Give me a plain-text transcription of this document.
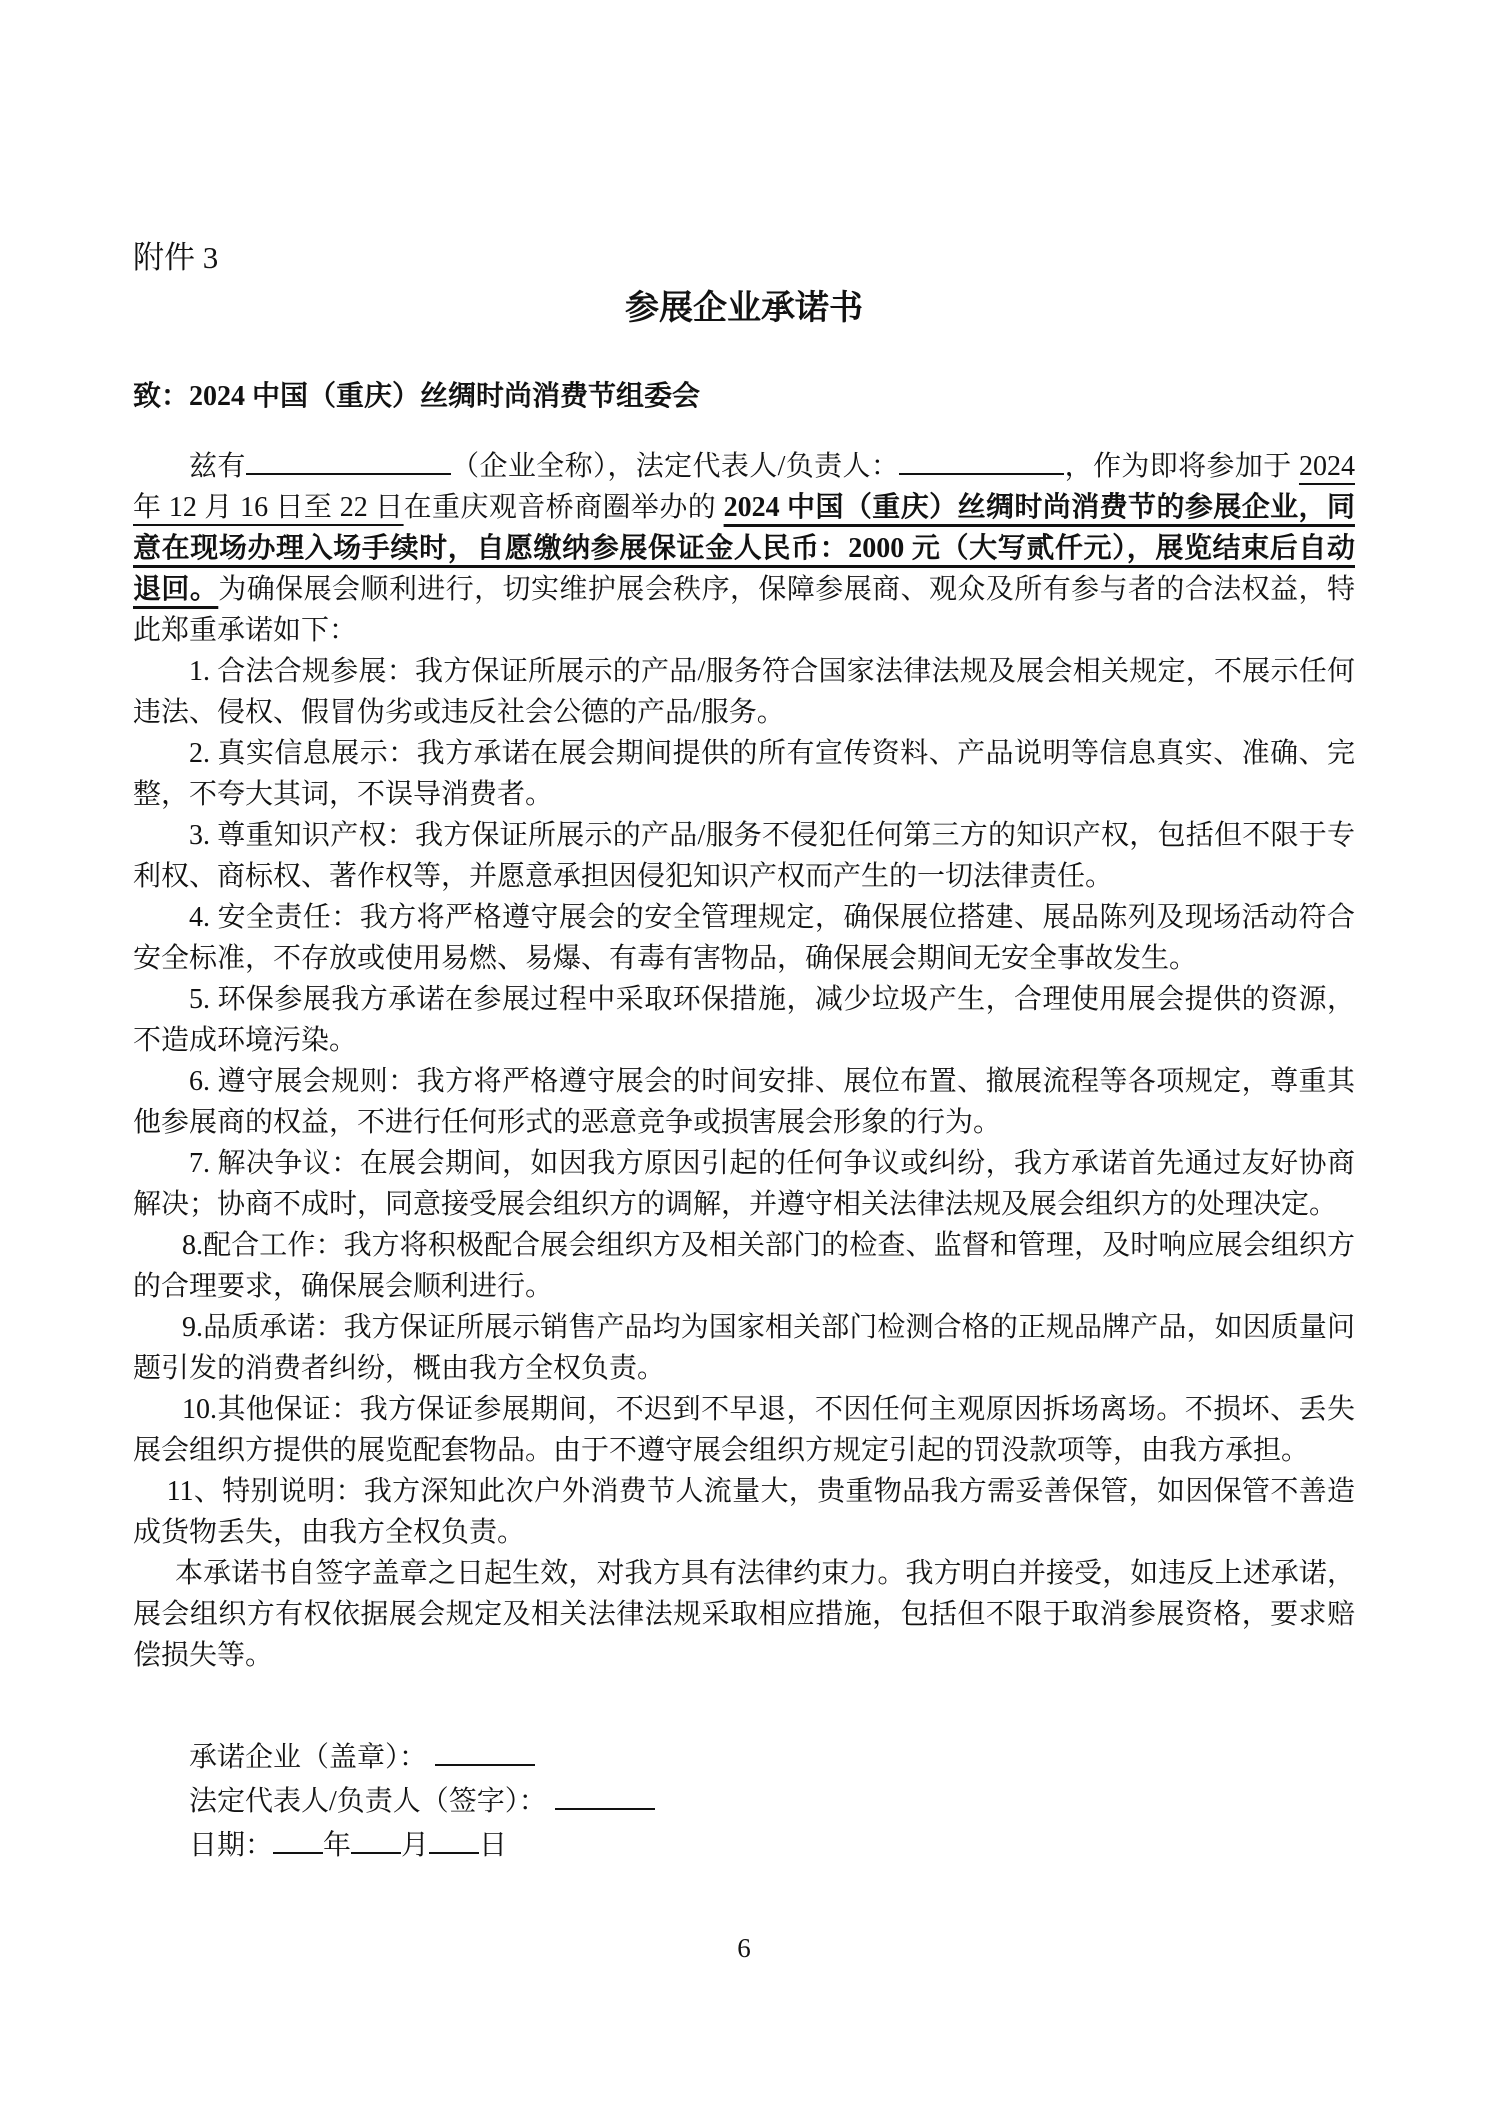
附件 3
参展企业承诺书

致：2024 中国（重庆）丝绸时尚消费节组委会

兹有	（企业全称），法定代表人/负责人：	，作为即将参加于 2024 年 12 月 16 日至 22 日在重庆观音桥商圈举办的 2024 中国（重庆）丝绸时尚消费节的参展企业，同意在现场办理入场手续时，自愿缴纳参展保证金人民币：2000 元（大写贰仟元），展览结束后自动退回。为确保展会顺利进行，切实维护展会秩序，保障参展商、观众及所有参与者的合法权益，特此郑重承诺如下：

1. 合法合规参展：我方保证所展示的产品/服务符合国家法律法规及展会相关规定，不展示任何违法、侵权、假冒伪劣或违反社会公德的产品/服务。

2. 真实信息展示：我方承诺在展会期间提供的所有宣传资料、产品说明等信息真实、准确、完整，不夸大其词，不误导消费者。

3. 尊重知识产权：我方保证所展示的产品/服务不侵犯任何第三方的知识产权，包括但不限于专利权、商标权、著作权等，并愿意承担因侵犯知识产权而产生的一切法律责任。

4. 安全责任：我方将严格遵守展会的安全管理规定，确保展位搭建、展品陈列及现场活动符合安全标准，不存放或使用易燃、易爆、有毒有害物品，确保展会期间无安全事故发生。

5. 环保参展我方承诺在参展过程中采取环保措施，减少垃圾产生，合理使用展会提供的资源，不造成环境污染。

6. 遵守展会规则：我方将严格遵守展会的时间安排、展位布置、撤展流程等各项规定，尊重其他参展商的权益，不进行任何形式的恶意竞争或损害展会形象的行为。

7. 解决争议：在展会期间，如因我方原因引起的任何争议或纠纷，我方承诺首先通过友好协商解决；协商不成时，同意接受展会组织方的调解，并遵守相关法律法规及展会组织方的处理决定。

8.配合工作：我方将积极配合展会组织方及相关部门的检查、监督和管理，及时响应展会组织方的合理要求，确保展会顺利进行。

9.品质承诺：我方保证所展示销售产品均为国家相关部门检测合格的正规品牌产品，如因质量问题引发的消费者纠纷，概由我方全权负责。

10.其他保证：我方保证参展期间，不迟到不早退，不因任何主观原因拆场离场。不损坏、丢失展会组织方提供的展览配套物品。由于不遵守展会组织方规定引起的罚没款项等，由我方承担。

11、特别说明：我方深知此次户外消费节人流量大，贵重物品我方需妥善保管，如因保管不善造成货物丢失，由我方全权负责。

本承诺书自签字盖章之日起生效，对我方具有法律约束力。我方明白并接受，如违反上述承诺，展会组织方有权依据展会规定及相关法律法规采取相应措施，包括但不限于取消参展资格，要求赔偿损失等。

承诺企业（盖章）：

法定代表人/负责人（签字）：

日期： 年 月 日

6
